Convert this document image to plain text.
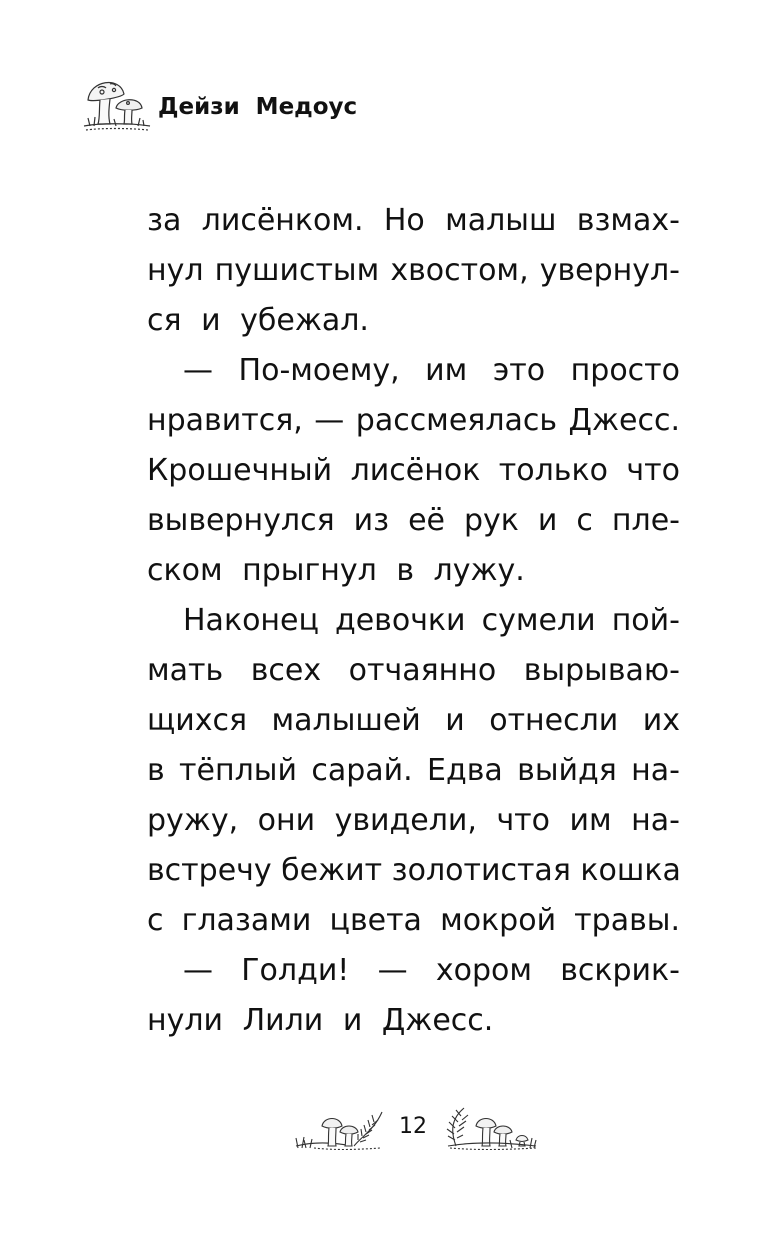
Дейзи Медоус
за лисёнком. Но малыш взмах-
нул пушистым хвостом, увернул-
ся и убежал.
— По-моему, им это просто
нравится, — рассмеялась Джесс.
Крошечный лисёнок только что
вывернулся из её рук и с пле-
ском прыгнул в лужу.
Наконец девочки сумели пой-
мать всех отчаянно вырываю-
щихся малышей и отнесли их
в тёплый сарай. Едва выйдя на-
ружу, они увидели, что им на-
встречу бежит золотистая кошка
с глазами цвета мокрой травы.
— Голди! — хором вскрик-
нули Лили и Джесс.
12
